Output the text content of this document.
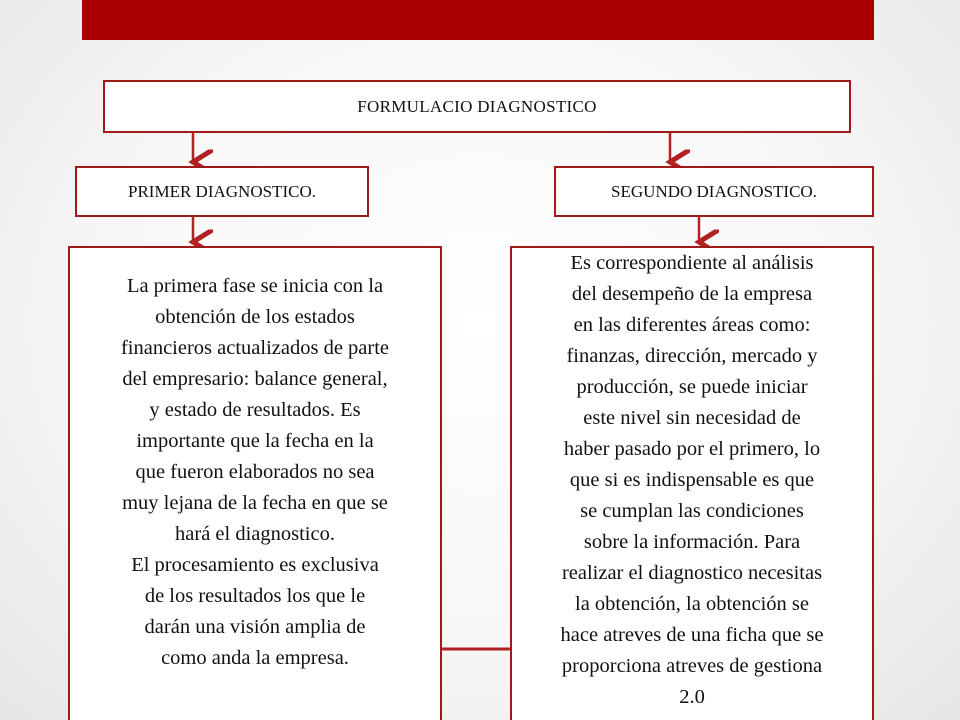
FORMULACIO DIAGNOSTICO
PRIMER DIAGNOSTICO.	SEGUNDO DIAGNOSTICO.
La primera fase se inicia con la
obtención de los estados
financieros actualizados de parte
del empresario: balance general,
y estado de resultados. Es
importante que la fecha en la
que fueron elaborados no sea
muy lejana de la fecha en que se
hará el diagnostico.
El procesamiento es exclusiva
de los resultados los que le
darán una visión amplia de
como anda la empresa.
Es correspondiente al análisis
del desempeño de la empresa
en las diferentes áreas como:
finanzas, dirección, mercado y
producción, se puede iniciar
este nivel sin necesidad de
haber pasado por el primero, lo
que si es indispensable es que
se cumplan las condiciones
sobre la información. Para
realizar el diagnostico necesitas
la obtención, la obtención se
hace atreves de una ficha que se
proporciona atreves de gestiona
2.0
